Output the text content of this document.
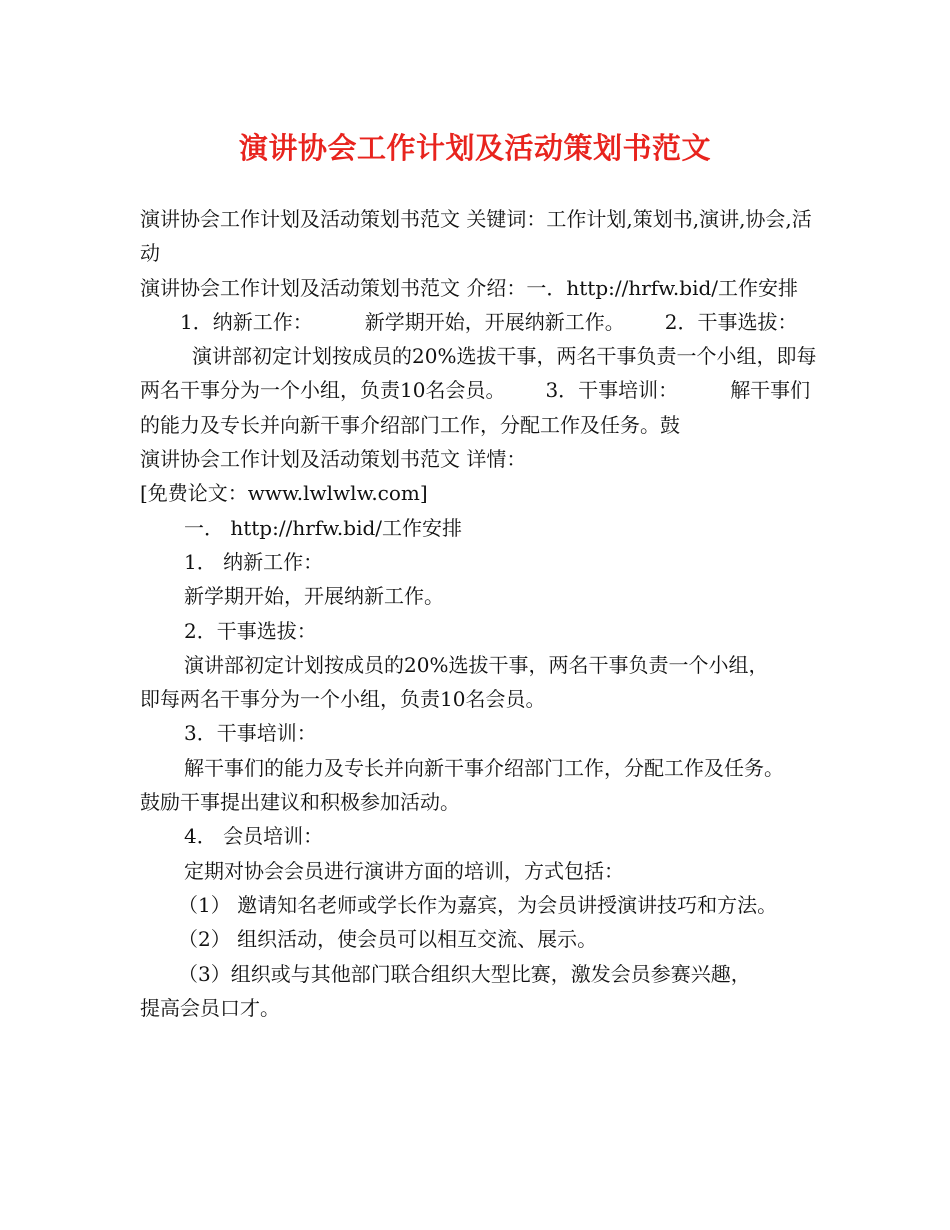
演讲协会工作计划及活动策划书范文

演讲协会工作计划及活动策划书范文 关键词：工作计划,策划书,演讲,协会,活动

演讲协会工作计划及活动策划书范文 介绍：一．http://hrfw.bid/工作安排1．纳新工作：	新学期开始，开展纳新工作。 2．干事选拔：演讲部初定计划按成员的20%选拔干事，两名干事负责一个小组，即每两名干事分为一个小组，负责10名会员。 3．干事培训：	解干事们的能力及专长并向新干事介绍部门工作，分配工作及任务。鼓

演讲协会工作计划及活动策划书范文 详情：

[免费论文：www.lwlwlw.com]

一． http://hrfw.bid/工作安排

1． 纳新工作：

新学期开始，开展纳新工作。

2．干事选拔：

演讲部初定计划按成员的20%选拔干事，两名干事负责一个小组，

即每两名干事分为一个小组，负责10名会员。

3．干事培训：

解干事们的能力及专长并向新干事介绍部门工作，分配工作及任务。

鼓励干事提出建议和积极参加活动。

4． 会员培训：

定期对协会会员进行演讲方面的培训，方式包括：

（1） 邀请知名老师或学长作为嘉宾，为会员讲授演讲技巧和方法。

（2） 组织活动，使会员可以相互交流、展示。

（3）组织或与其他部门联合组织大型比赛，激发会员参赛兴趣，

提高会员口才。
